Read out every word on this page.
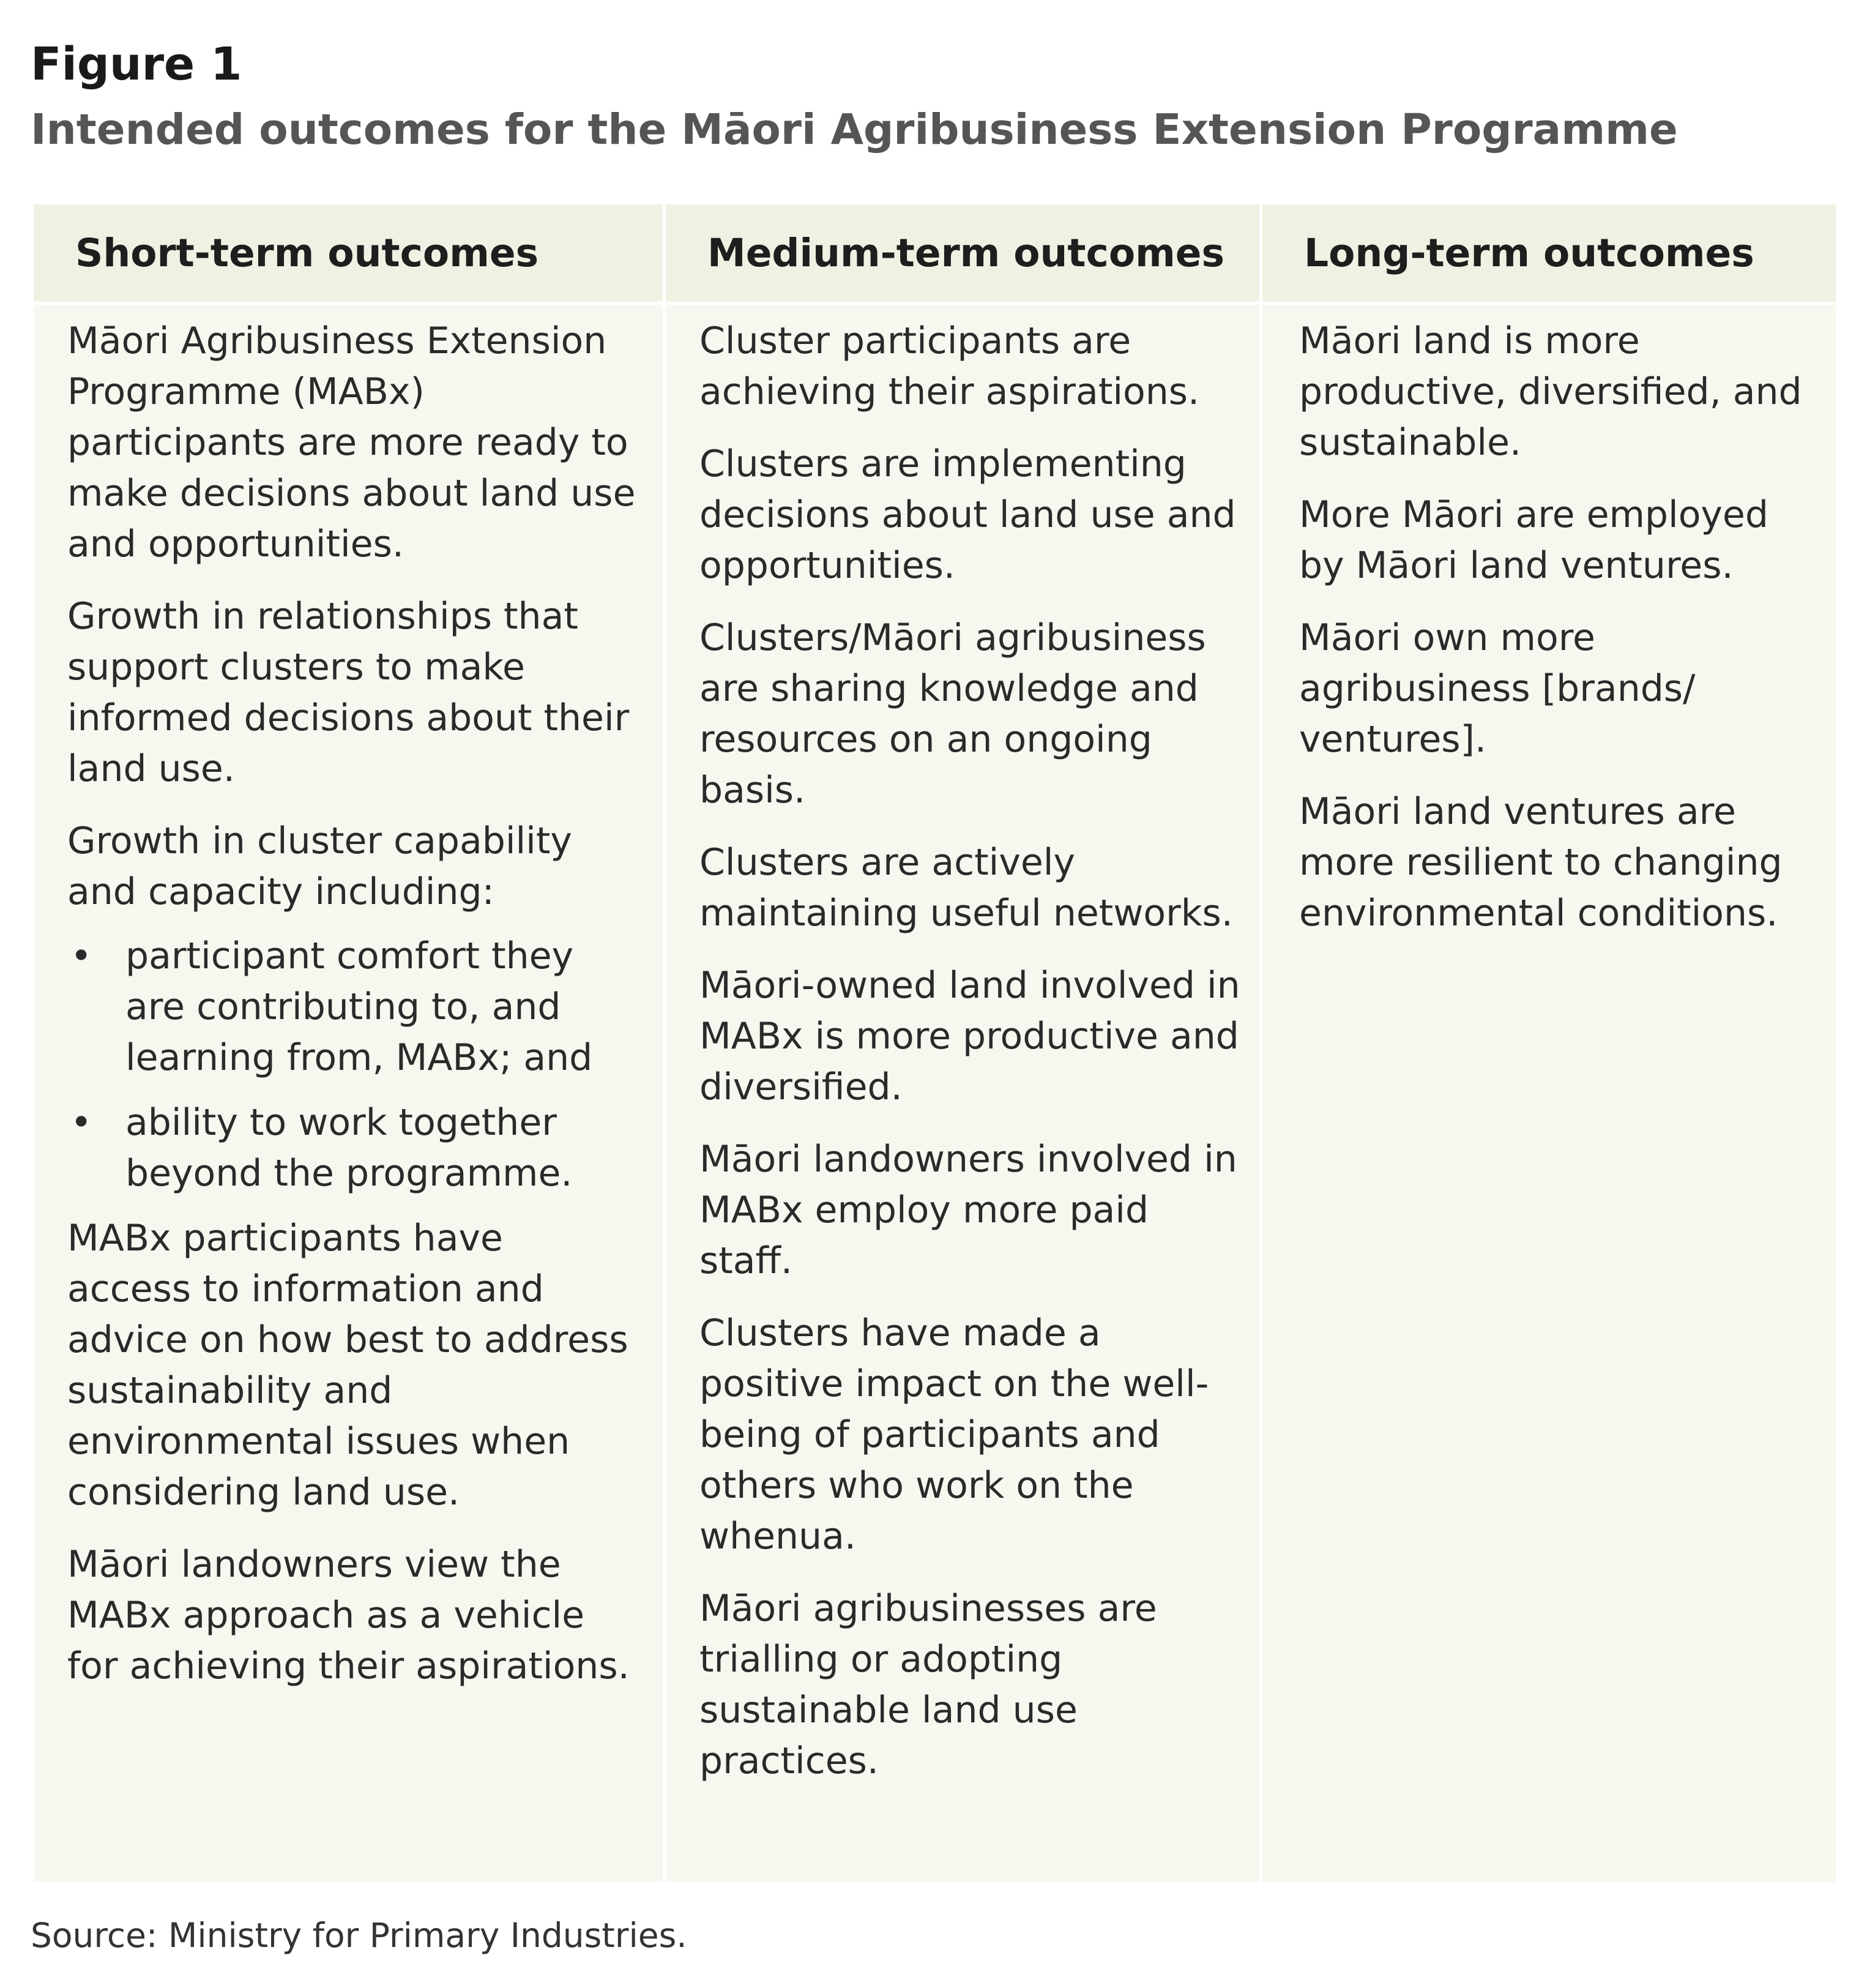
Figure 1
Intended outcomes for the Māori Agribusiness Extension Programme
Short-term outcomes	Medium-term outcomes	Long-term outcomes

Māori Agribusiness Extension Programme (MABx) participants are more ready to make decisions about land use and opportunities.

Growth in relationships that support clusters to make informed decisions about their land use.

Growth in cluster capability and capacity including:

• participant comfort they are contributing to, and learning from, MABx; and
• ability to work together beyond the programme.

MABx participants have access to information and advice on how best to address sustainability and environmental issues when considering land use.

Māori landowners view the MABx approach as a vehicle for achieving their aspirations.

Cluster participants are achieving their aspirations.

Clusters are implementing decisions about land use and opportunities.

Clusters/Māori agribusiness are sharing knowledge and resources on an ongoing basis.

Clusters are actively maintaining useful networks.

Māori-owned land involved in MABx is more productive and diversified.

Māori landowners involved in MABx employ more paid staff.

Clusters have made a positive impact on the well-being of participants and others who work on the whenua.

Māori agribusinesses are trialling or adopting sustainable land use practices.

Māori land is more productive, diversified, and sustainable.

More Māori are employed by Māori land ventures.

Māori own more agribusiness [brands/ ventures].

Māori land ventures are more resilient to changing environmental conditions.

Source: Ministry for Primary Industries.
